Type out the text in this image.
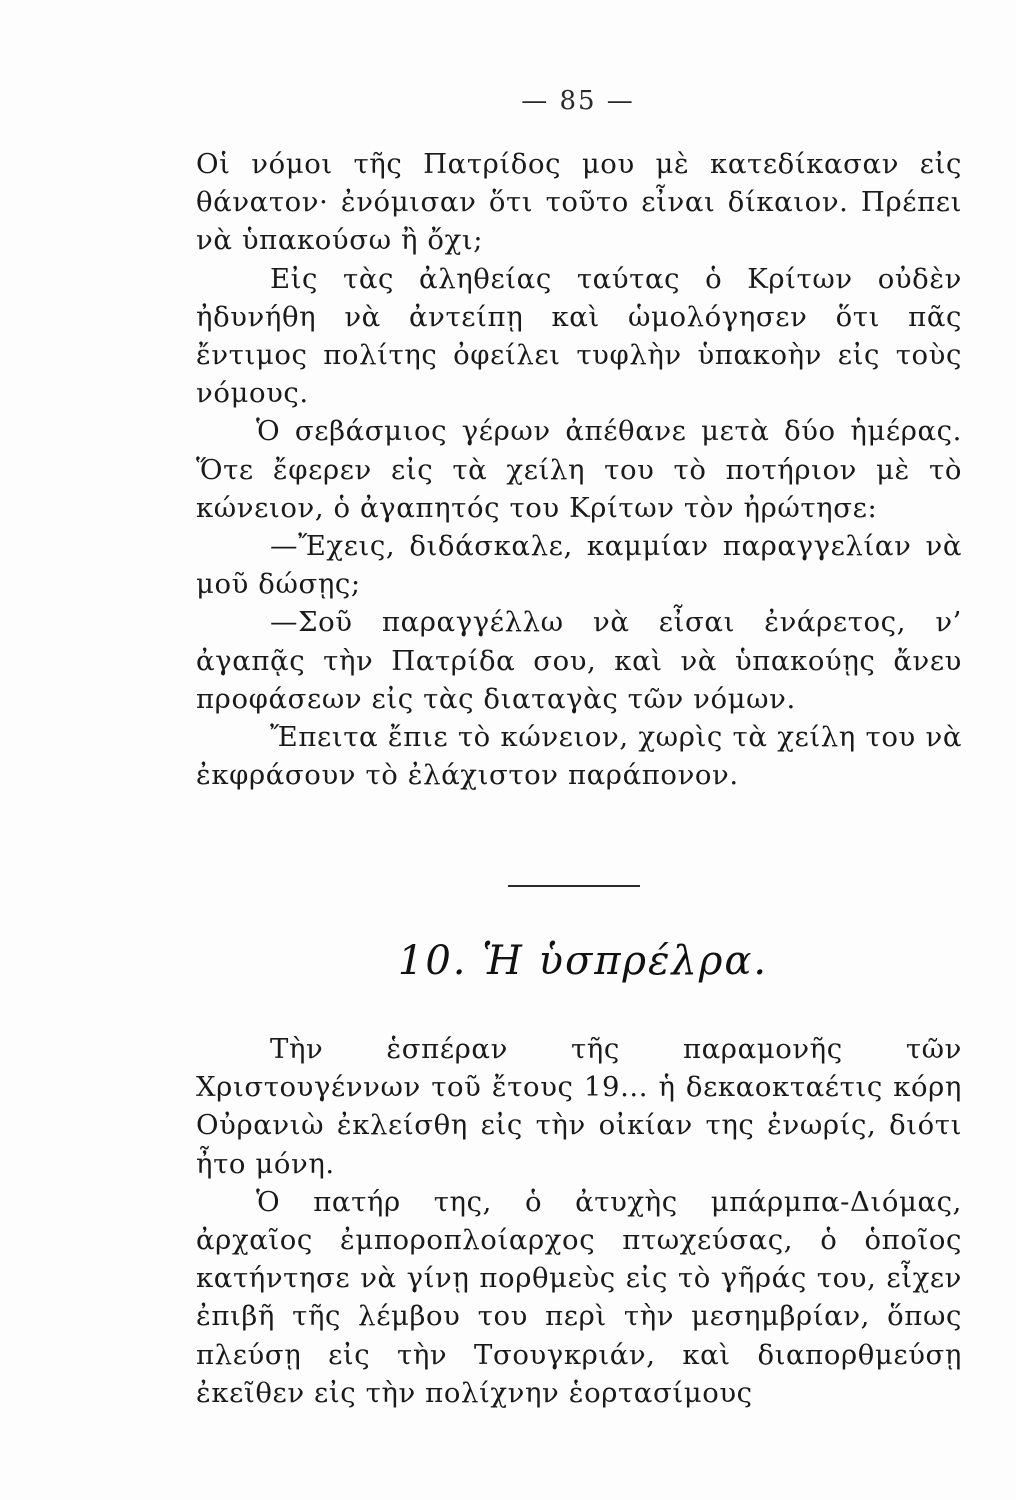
— 85 —

Οἱ νόμοι τῆς Πατρίδος μου μὲ κατεδίκασαν εἰς θάνατον· ἐνόμισαν ὅτι τοῦτο εἶναι δίκαιον. Πρέπει νὰ ὑπακούσω ἢ ὄχι;

Εἰς τὰς ἀληθείας ταύτας ὁ Κρίτων οὐδὲν ἠδυνήθη νὰ ἀντείπῃ καὶ ὡμολόγησεν ὅτι πᾶς ἔντιμος πολίτης ὀφείλει τυφλὴν ὑπακοὴν εἰς τοὺς νόμους.

Ὁ σεβάσμιος γέρων ἀπέθανε μετὰ δύο ἡμέρας. Ὅτε ἔφερεν εἰς τὰ χείλη του τὸ ποτήριον μὲ τὸ κώνειον, ὁ ἀγαπητός του Κρίτων τὸν ἠρώτησε:

—Ἔχεις, διδάσκαλε, καμμίαν παραγγελίαν νὰ μοῦ δώσῃς;

—Σοῦ παραγγέλλω νὰ εἶσαι ἐνάρετος, ν’ ἀγαπᾷς τὴν Πατρίδα σου, καὶ νὰ ὑπακούῃς ἄνευ προφάσεων εἰς τὰς διαταγὰς τῶν νόμων.

Ἔπειτα ἔπιε τὸ κώνειον, χωρὶς τὰ χείλη του νὰ ἐκφράσουν τὸ ἐλάχιστον παράπονον.

10. Ἡ ὑσπρέλρα.

Τὴν ἑσπέραν τῆς παραμονῆς τῶν Χριστουγέννων τοῦ ἔτους 19... ἡ δεκαοκταέτις κόρη Οὐρανιὼ ἐκλείσθη εἰς τὴν οἰκίαν της ἐνωρίς, διότι ἦτο μόνη.

Ὁ πατήρ της, ὁ ἀτυχὴς μπάρμπα-Διόμας, ἀρχαῖος ἐμποροπλοίαρχος πτωχεύσας, ὁ ὁποῖος κατήντησε νὰ γίνῃ πορθμεὺς εἰς τὸ γῆράς του, εἶχεν ἐπιβῆ τῆς λέμβου του περὶ τὴν μεσημβρίαν, ὅπως πλεύσῃ εἰς τὴν Τσουγκριάν, καὶ διαπορθμεύσῃ ἐκεῖθεν εἰς τὴν πολίχνην ἑορτασίμους
